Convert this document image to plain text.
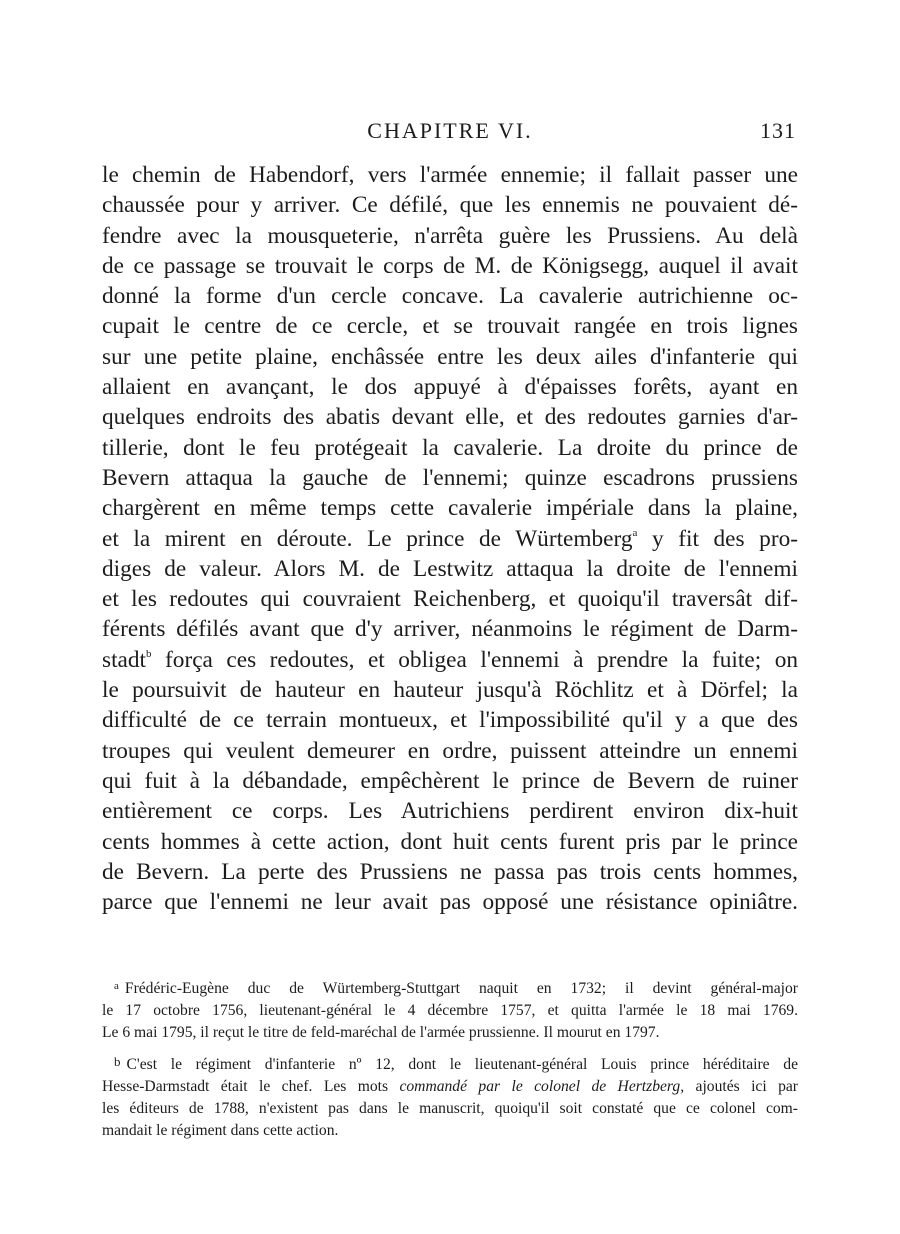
CHAPITRE VI.	131
le chemin de Habendorf, vers l'armée ennemie; il fallait passer une
chaussée pour y arriver. Ce défilé, que les ennemis ne pouvaient dé-
fendre avec la mousqueterie, n'arrêta guère les Prussiens. Au delà
de ce passage se trouvait le corps de M. de Königsegg, auquel il avait
donné la forme d'un cercle concave. La cavalerie autrichienne oc-
cupait le centre de ce cercle, et se trouvait rangée en trois lignes
sur une petite plaine, enchâssée entre les deux ailes d'infanterie qui
allaient en avançant, le dos appuyé à d'épaisses forêts, ayant en
quelques endroits des abatis devant elle, et des redoutes garnies d'ar-
tillerie, dont le feu protégeait la cavalerie. La droite du prince de
Bevern attaqua la gauche de l'ennemi; quinze escadrons prussiens
chargèrent en même temps cette cavalerie impériale dans la plaine,
et la mirent en déroute. Le prince de Würtemberg$^a$ y fit des pro-
diges de valeur. Alors M. de Lestwitz attaqua la droite de l'ennemi
et les redoutes qui couvraient Reichenberg, et quoiqu'il traversât dif-
férents défilés avant que d'y arriver, néanmoins le régiment de Darm-
stadt$^b$ força ces redoutes, et obligea l'ennemi à prendre la fuite; on
le poursuivit de hauteur en hauteur jusqu'à Röchlitz et à Dörfel; la
difficulté de ce terrain montueux, et l'impossibilité qu'il y a que des
troupes qui veulent demeurer en ordre, puissent atteindre un ennemi
qui fuit à la débandade, empêchèrent le prince de Bevern de ruiner
entièrement ce corps. Les Autrichiens perdirent environ dix-huit
cents hommes à cette action, dont huit cents furent pris par le prince
de Bevern. La perte des Prussiens ne passa pas trois cents hommes,
parce que l'ennemi ne leur avait pas opposé une résistance opiniâtre.
a Frédéric-Eugène duc de Würtemberg-Stuttgart naquit en 1732; il devint général-major
le 17 octobre 1756, lieutenant-général le 4 décembre 1757, et quitta l'armée le 18 mai 1769.
Le 6 mai 1795, il reçut le titre de feld-maréchal de l'armée prussienne. Il mourut en 1797.
b C'est le régiment d'infanterie nº 12, dont le lieutenant-général Louis prince héréditaire de
Hesse-Darmstadt était le chef. Les mots commandé par le colonel de Hertzberg, ajoutés ici par
les éditeurs de 1788, n'existent pas dans le manuscrit, quoiqu'il soit constaté que ce colonel com-
mandait le régiment dans cette action.
